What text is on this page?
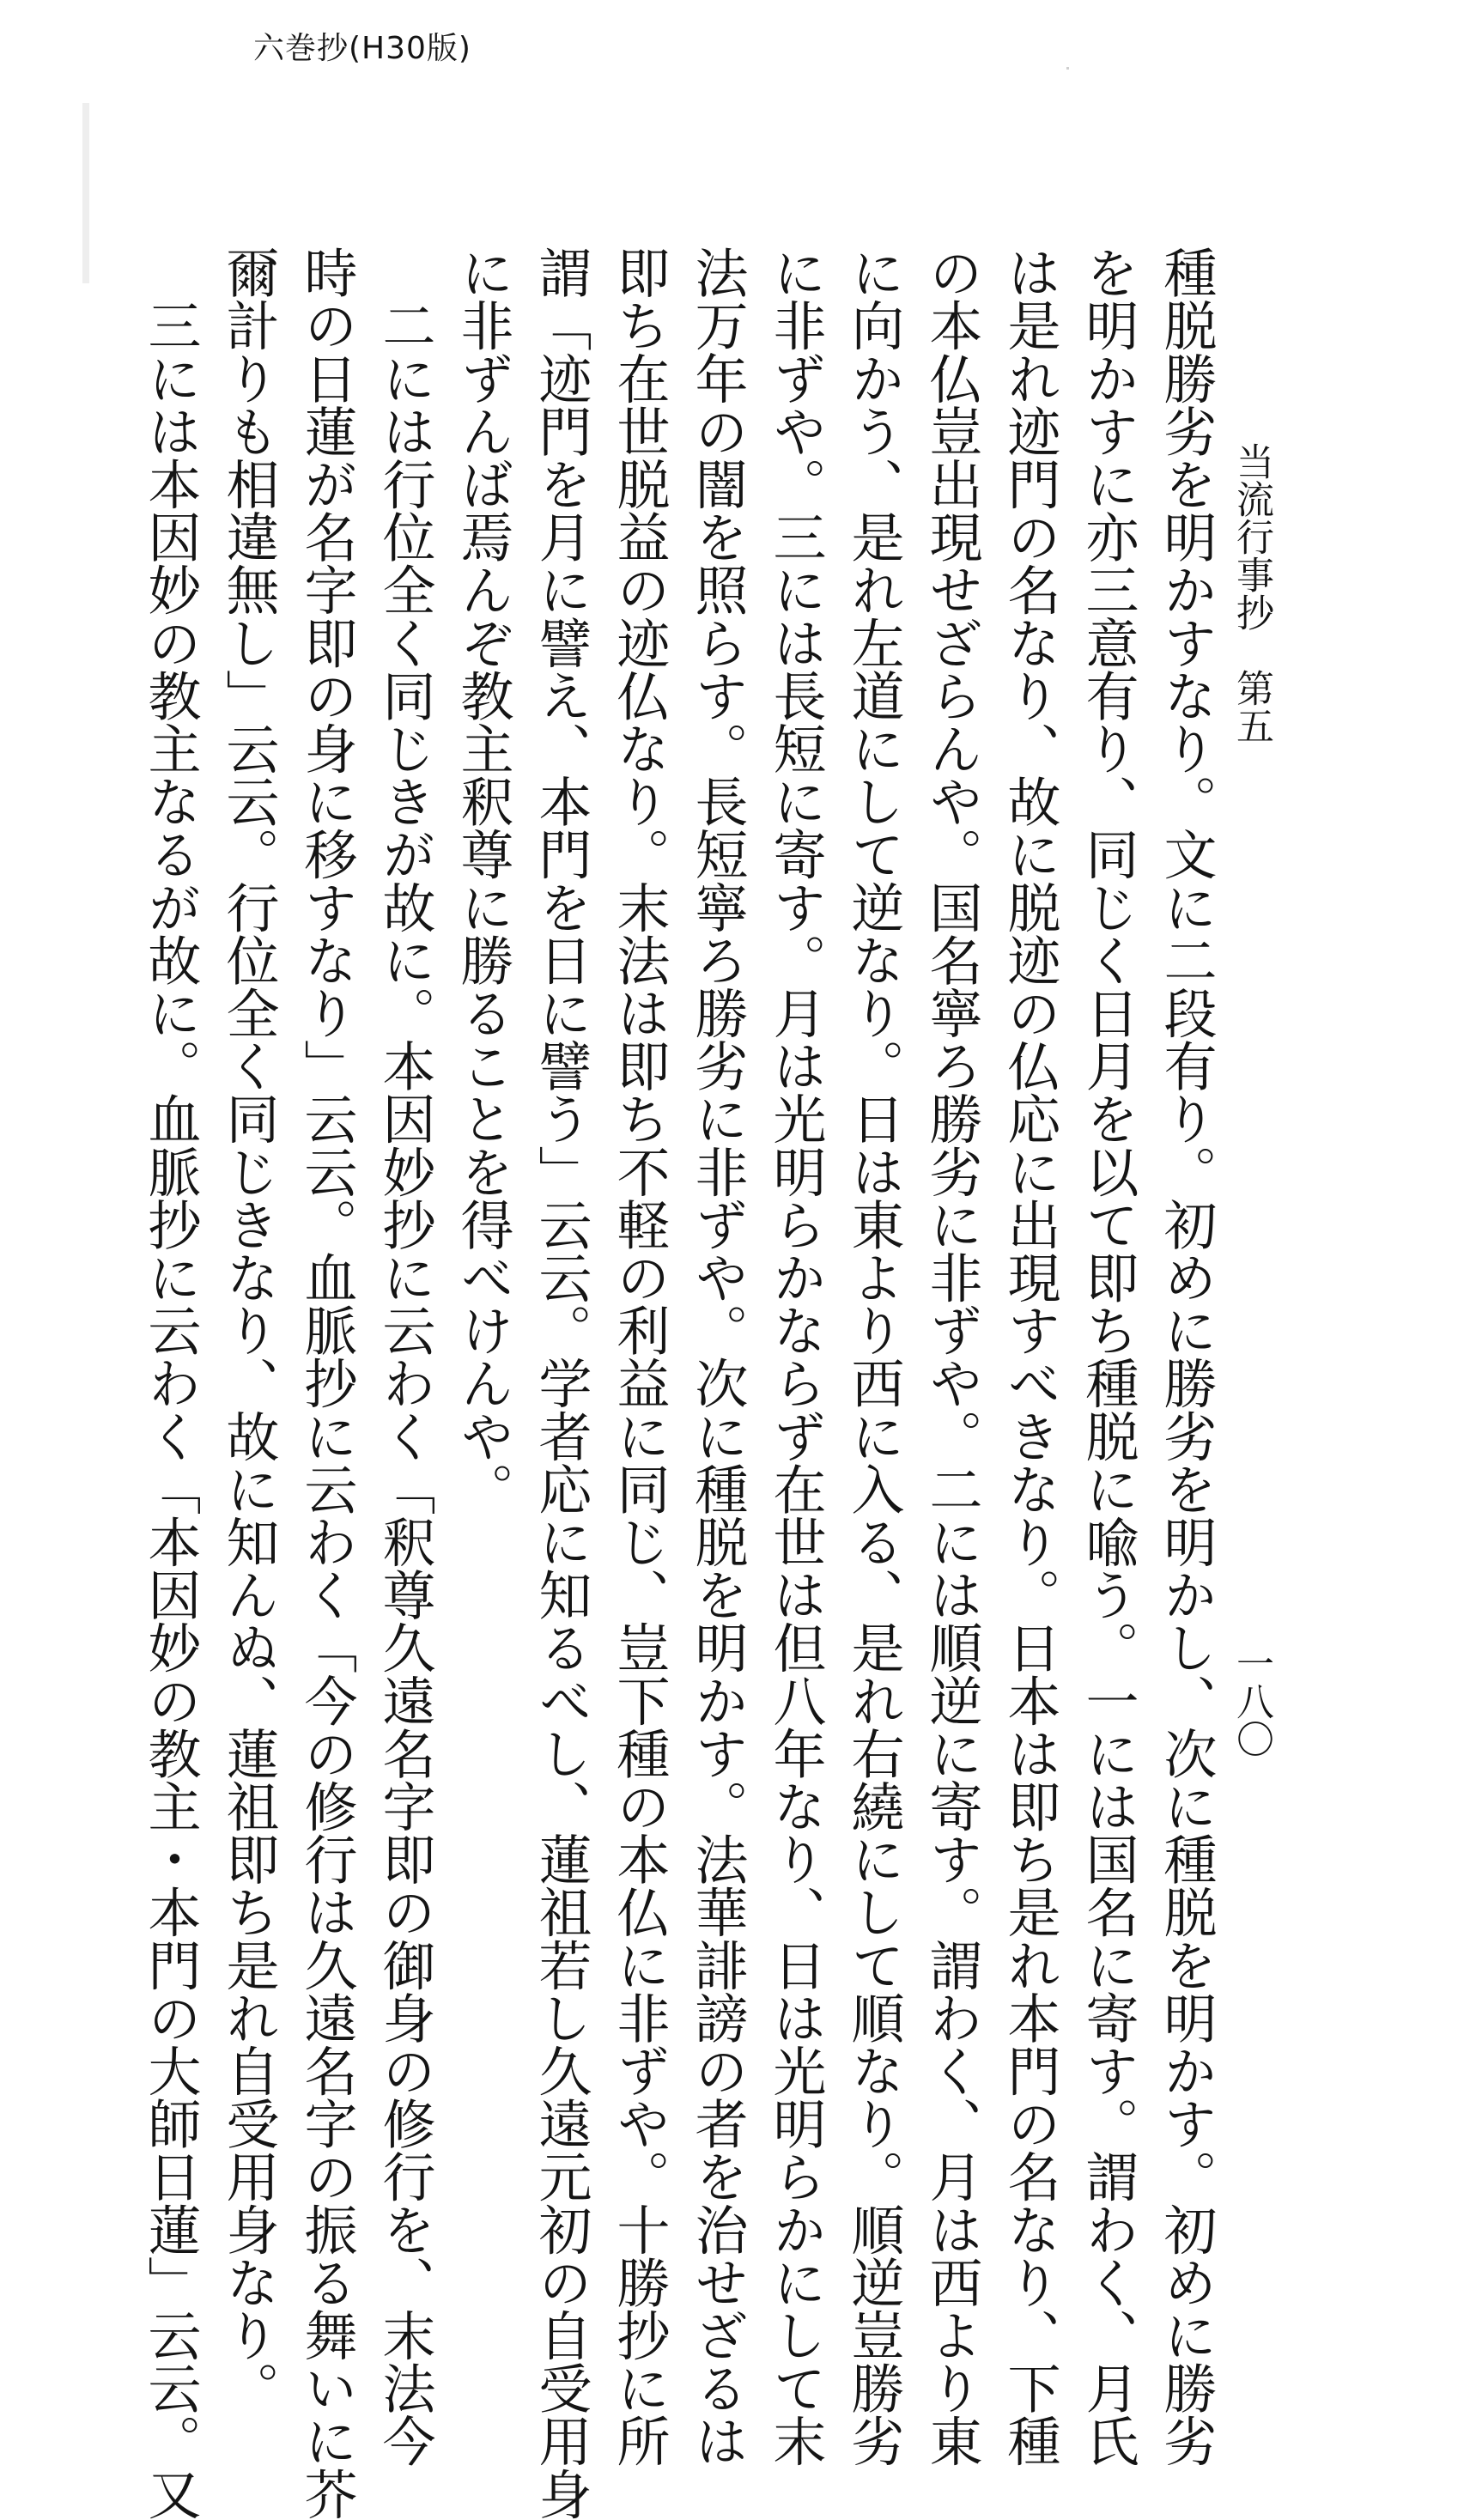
六巻抄(H30版)
当流行事抄　第五
一八〇
種脱勝劣を明かすなり。文に二段有り。初めに勝劣を明かし、次に種脱を明かす。初めに勝劣
を明かすに亦三意有り、同じく日月を以て即ち種脱に喩う。一には国名に寄す。謂わく、月氏
は是れ迹門の名なり、故に脱迹の仏応に出現すべきなり。日本は即ち是れ本門の名なり、下種
の本仏豈出現せざらんや。国名寧ろ勝劣に非ずや。二には順逆に寄す。謂わく、月は西より東
に向かう、是れ左道にして逆なり。日は東より西に入る、是れ右繞にして順なり。順逆豈勝劣
に非ずや。三には長短に寄す。月は光明らかならず在世は但八年なり、日は光明らかにして末
法万年の闇を照らす。長短寧ろ勝劣に非ずや。次に種脱を明かす。法華誹謗の者を治せざるは
即ち在世脱益の迹仏なり。末法は即ち不軽の利益に同じ、豈下種の本仏に非ずや。十勝抄に所
謂「迹門を月に譬え、本門を日に譬う」云云。学者応に知るべし、蓮祖若し久遠元初の自受用身
に非ずんば焉んぞ教主釈尊に勝ることを得べけんや。
　二には行位全く同じきが故に。本因妙抄に云わく「釈尊久遠名字即の御身の修行を、末法今
時の日蓮が名字即の身に移すなり」云云。血脈抄に云わく「今の修行は久遠名字の振る舞いに芥
爾計りも相違無し」云云。行位全く同じきなり、故に知んぬ、蓮祖即ち是れ自受用身なり。
　三には本因妙の教主なるが故に。血脈抄に云わく「本因妙の教主・本門の大師日蓮」云云。又
